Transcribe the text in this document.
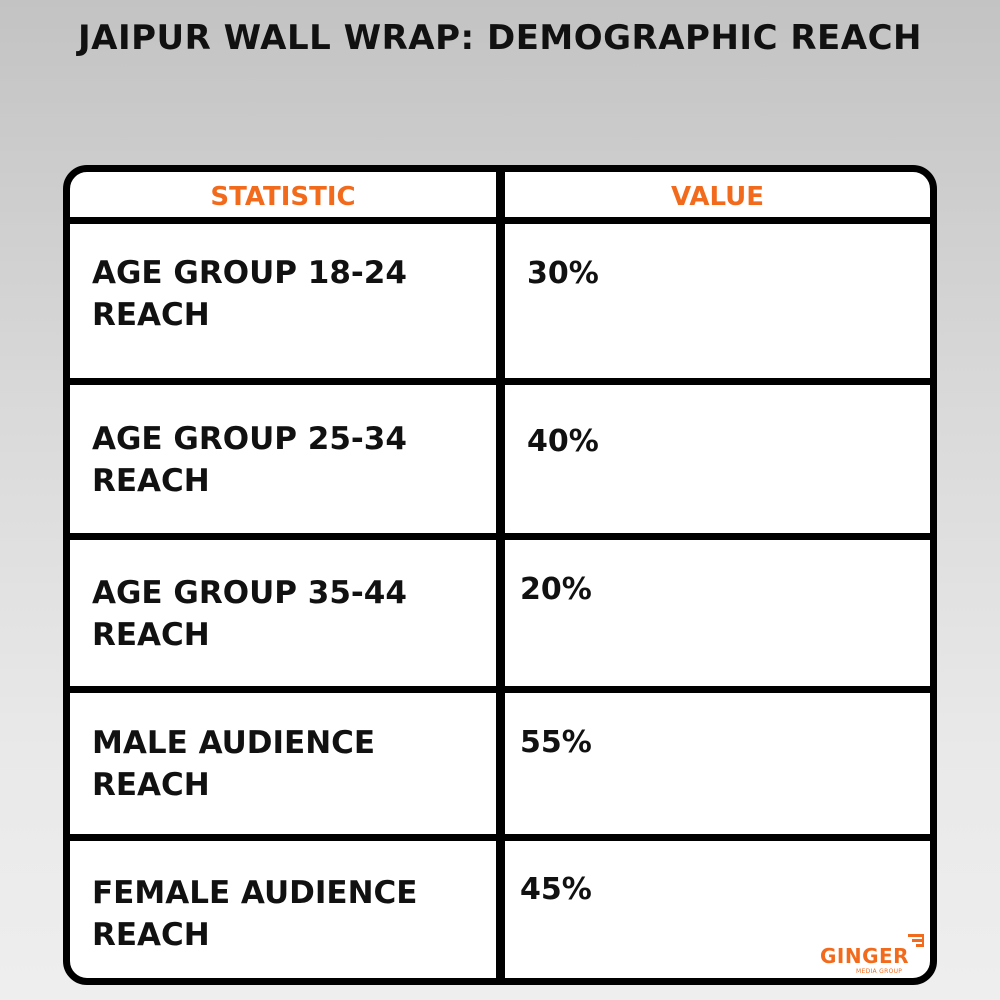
JAIPUR WALL WRAP: DEMOGRAPHIC REACH
STATISTIC	VALUE
AGE GROUP 18-24
REACH
30%
AGE GROUP 25-34
REACH
40%
AGE GROUP 35-44
REACH
20%
MALE AUDIENCE
REACH
55%
FEMALE AUDIENCE
REACH
45%
GINGER
MEDIA GROUP
